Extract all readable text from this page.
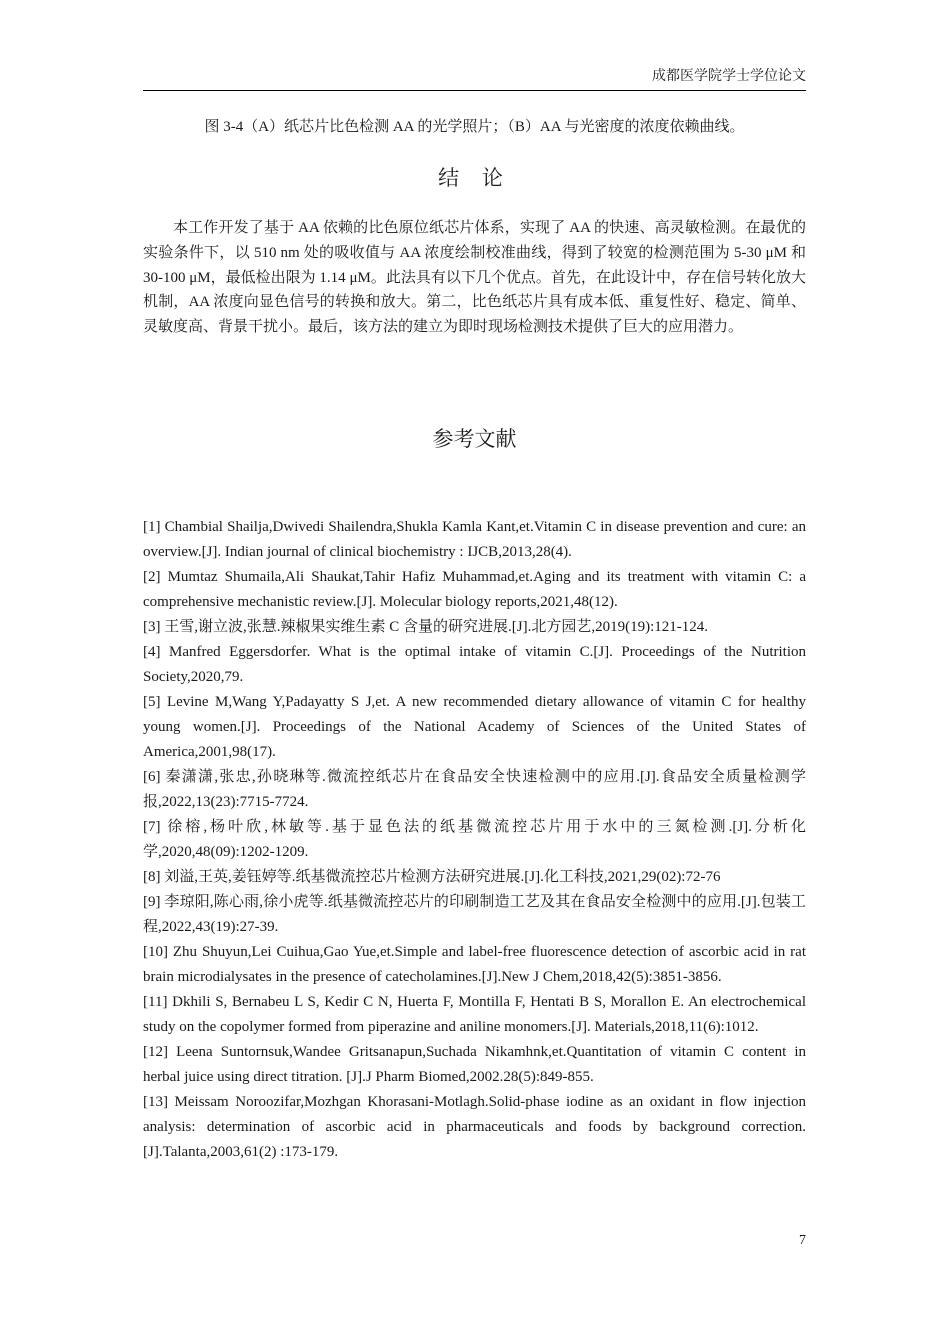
成都医学院学士学位论文
图 3-4（A）纸芯片比色检测 AA 的光学照片；（B）AA 与光密度的浓度依赖曲线。
结 论

本工作开发了基于 AA 依赖的比色原位纸芯片体系，实现了 AA 的快速、高灵敏检测。在最优的实验条件下，以 510 nm 处的吸收值与 AA 浓度绘制校准曲线，得到了较宽的检测范围为 5-30 μM 和 30-100 μM，最低检出限为 1.14 μM。此法具有以下几个优点。首先，在此设计中，存在信号转化放大机制，AA 浓度向显色信号的转换和放大。第二，比色纸芯片具有成本低、重复性好、稳定、简单、灵敏度高、背景干扰小。最后，该方法的建立为即时现场检测技术提供了巨大的应用潜力。

参考文献
[1] Chambial Shailja,Dwivedi Shailendra,Shukla Kamla Kant,et.Vitamin C in disease prevention and cure: an overview.[J]. Indian journal of clinical biochemistry : IJCB,2013,28(4).
[2] Mumtaz Shumaila,Ali Shaukat,Tahir Hafiz Muhammad,et.Aging and its treatment with vitamin C: a comprehensive mechanistic review.[J]. Molecular biology reports,2021,48(12).
[3] 王雪,谢立波,张慧.辣椒果实维生素 C 含量的研究进展.[J].北方园艺,2019(19):121-124.
[4] Manfred Eggersdorfer. What is the optimal intake of vitamin C.[J]. Proceedings of the Nutrition Society,2020,79.
[5] Levine M,Wang Y,Padayatty S J,et. A new recommended dietary allowance of vitamin C for healthy young women.[J]. Proceedings of the National Academy of Sciences of the United States of America,2001,98(17).
[6] 秦潇潇,张忠,孙晓琳等.微流控纸芯片在食品安全快速检测中的应用.[J].食品安全质量检测学报,2022,13(23):7715-7724.
[7] 徐榕,杨叶欣,林敏等.基于显色法的纸基微流控芯片用于水中的三氮检测.[J].分析化学,2020,48(09):1202-1209.
[8] 刘溢,王英,姜钰婷等.纸基微流控芯片检测方法研究进展.[J].化工科技,2021,29(02):72-76
[9] 李琼阳,陈心雨,徐小虎等.纸基微流控芯片的印刷制造工艺及其在食品安全检测中的应用.[J].包装工程,2022,43(19):27-39.
[10] Zhu Shuyun,Lei Cuihua,Gao Yue,et.Simple and label-free fluorescence detection of ascorbic acid in rat brain microdialysates in the presence of catecholamines.[J].New J Chem,2018,42(5):3851-3856.
[11] Dkhili S, Bernabeu L S, Kedir C N, Huerta F, Montilla F, Hentati B S, Morallon E. An electrochemical study on the copolymer formed from piperazine and aniline monomers.[J]. Materials,2018,11(6):1012.
[12] Leena Suntornsuk,Wandee Gritsanapun,Suchada Nikamhnk,et.Quantitation of vitamin C content in herbal juice using direct titration. [J].J Pharm Biomed,2002.28(5):849-855.
[13] Meissam Noroozifar,Mozhgan Khorasani-Motlagh.Solid-phase iodine as an oxidant in flow injection analysis: determination of ascorbic acid in pharmaceuticals and foods by background correction. [J].Talanta,2003,61(2) :173-179.
7
